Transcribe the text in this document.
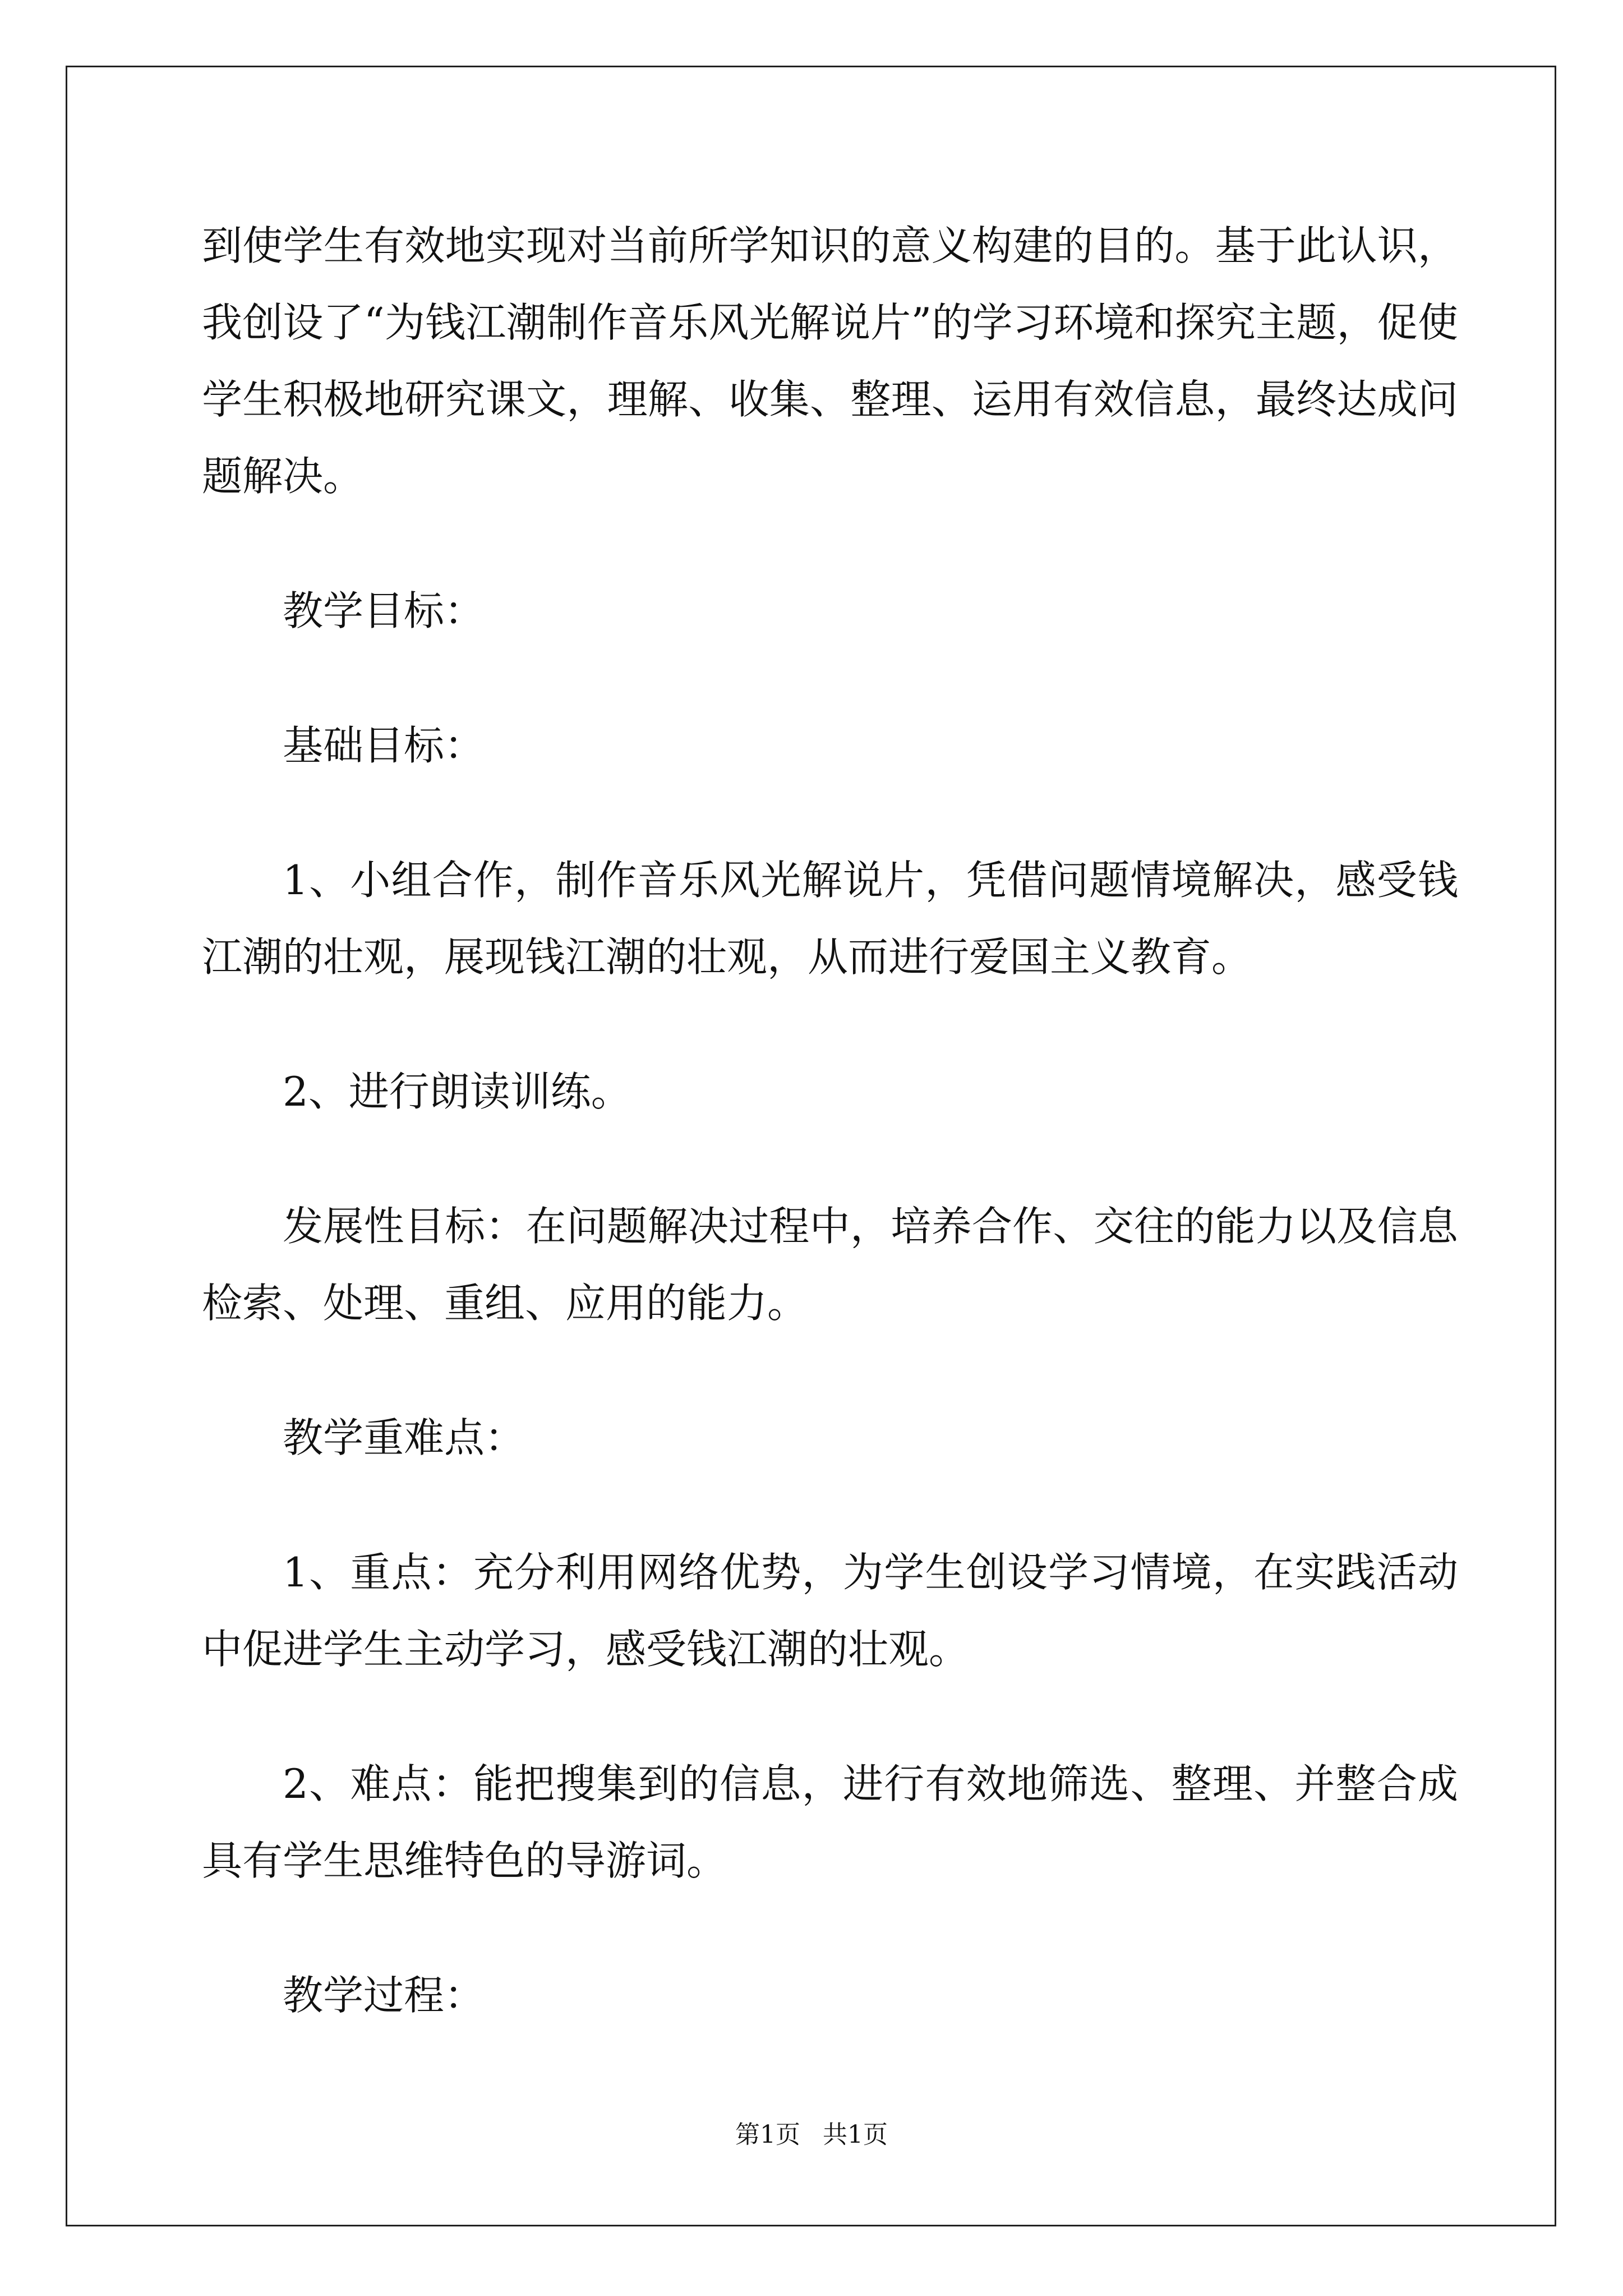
到使学生有效地实现对当前所学知识的意义构建的目的。基于此认识，我创设了“为钱江潮制作音乐风光解说片”的学习环境和探究主题，促使学生积极地研究课文，理解、收集、整理、运用有效信息，最终达成问题解决。

教学目标：

基础目标：

1、小组合作，制作音乐风光解说片，凭借问题情境解决，感受钱江潮的壮观，展现钱江潮的壮观，从而进行爱国主义教育。

2、进行朗读训练。

发展性目标：在问题解决过程中，培养合作、交往的能力以及信息检索、处理、重组、应用的能力。

教学重难点：

1、重点：充分利用网络优势，为学生创设学习情境，在实践活动中促进学生主动学习，感受钱江潮的壮观。

2、难点：能把搜集到的信息，进行有效地筛选、整理、并整合成具有学生思维特色的导游词。

教学过程：

第1页 共1页
